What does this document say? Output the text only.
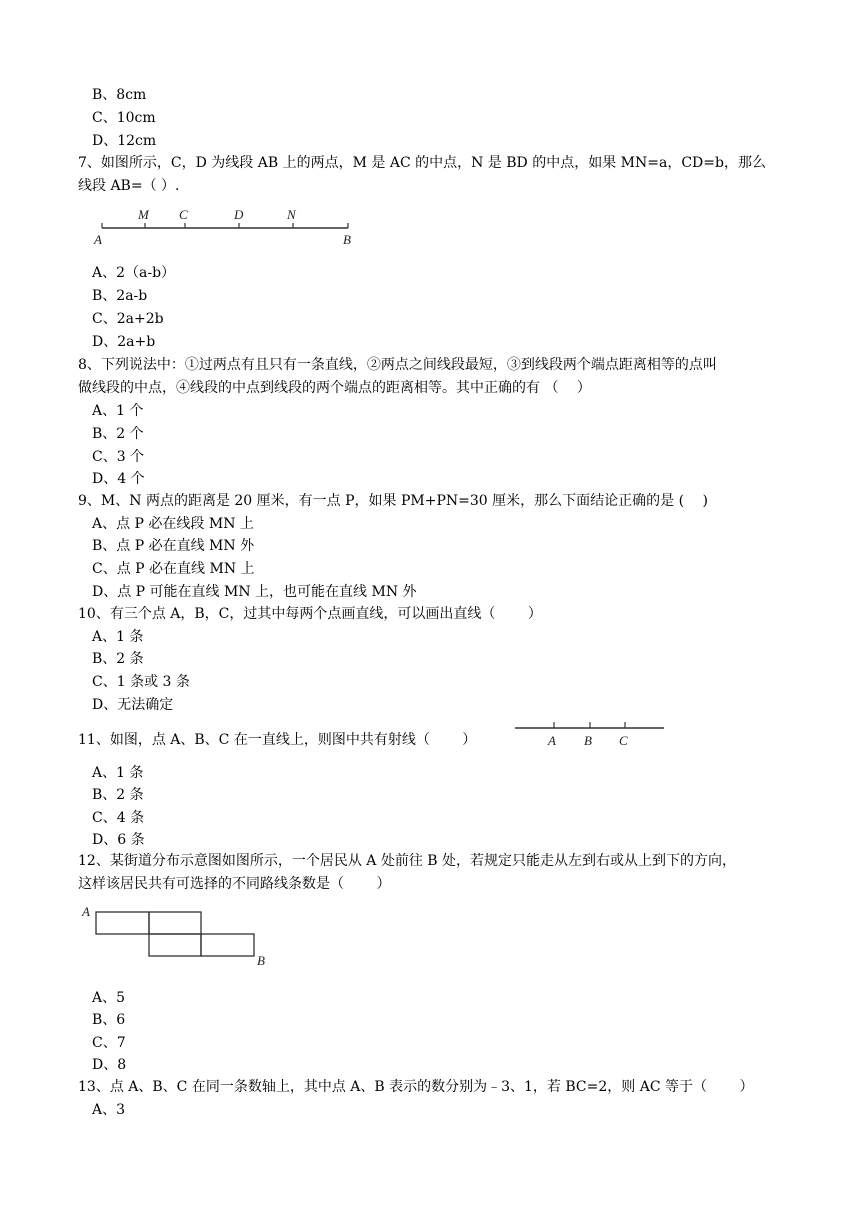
B、8cm
C、10cm
D、12cm
7、如图所示，C，D 为线段 AB 上的两点，M 是 AC 的中点，N 是 BD 的中点，如果 MN=a，CD=b，那么
线段 AB=（ ）.
M C	D	N
A	B
A、2（a-b）
B、2a-b
C、2a+2b
D、2a+b
8、下列说法中：①过两点有且只有一条直线，②两点之间线段最短，③到线段两个端点距离相等的点叫
做线段的中点，④线段的中点到线段的两个端点的距离相等。其中正确的有 （　 ）
A、1 个
B、2 个
C、3 个
D、4 个
9、M、N 两点的距离是 20 厘米，有一点 P，如果 PM+PN=30 厘米，那么下面结论正确的是 (　 )
A、点 P 必在线段 MN 上
B、点 P 必在直线 MN 外
C、点 P 必在直线 MN 上
D、点 P 可能在直线 MN 上，也可能在直线 MN 外
10、有三个点 A，B，C，过其中每两个点画直线，可以画出直线（　　 ）
A、1 条
B、2 条
C、1 条或 3 条
D、无法确定
11、如图，点 A、B、C 在一直线上，则图中共有射线（　　 ）	A B C
A、1 条
B、2 条
C、4 条
D、6 条
12、某街道分布示意图如图所示，一个居民从 A 处前往 B 处，若规定只能走从左到右或从上到下的方向，
这样该居民共有可选择的不同路线条数是（　　 ）
A
B
A、5
B、6
C、7
D、8
13、点 A、B、C 在同一条数轴上，其中点 A、B 表示的数分别为﹣3、1，若 BC=2，则 AC 等于（　　 ）
A、3
